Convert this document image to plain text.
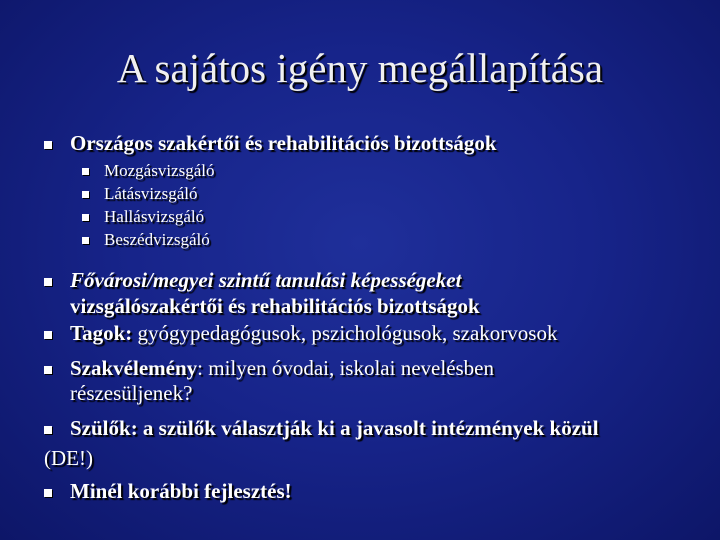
A sajátos igény megállapítása
Országos szakértői és rehabilitációs bizottságok
Mozgásvizsgáló
Látásvizsgáló
Hallásvizsgáló
Beszédvizsgáló
Fővárosi/megyei szintű tanulási képességeket
vizsgálószakértői és rehabilitációs bizottságok
Tagok: gyógypedagógusok, pszichológusok, szakorvosok
Szakvélemény: milyen óvodai, iskolai nevelésben
részesüljenek?
Szülők: a szülők választják ki a javasolt intézmények közül
(DE!)
Minél korábbi fejlesztés!
